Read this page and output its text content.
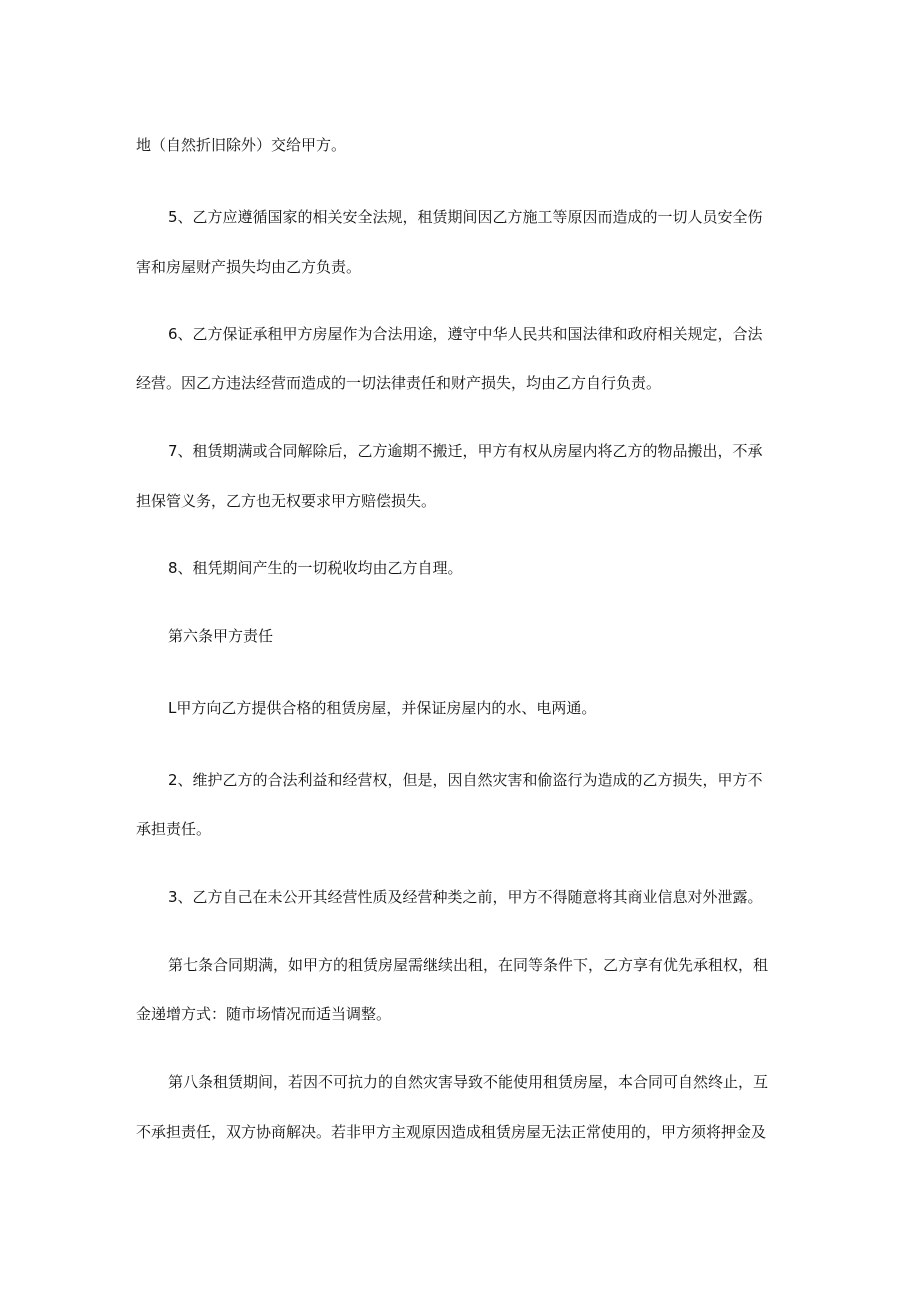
地（自然折旧除外）交给甲方。
5、乙方应遵循国家的相关安全法规，租赁期间因乙方施工等原因而造成的一切人员安全伤
害和房屋财产损失均由乙方负责。
6、乙方保证承租甲方房屋作为合法用途，遵守中华人民共和国法律和政府相关规定，合法
经营。因乙方违法经营而造成的一切法律责任和财产损失，均由乙方自行负责。
7、租赁期满或合同解除后，乙方逾期不搬迁，甲方有权从房屋内将乙方的物品搬出，不承
担保管义务，乙方也无权要求甲方赔偿损失。
8、租凭期间产生的一切税收均由乙方自理。
第六条甲方责任
L甲方向乙方提供合格的租赁房屋，并保证房屋内的水、电两通。
2、维护乙方的合法利益和经营权，但是，因自然灾害和偷盗行为造成的乙方损失，甲方不
承担责任。
3、乙方自己在未公开其经营性质及经营种类之前，甲方不得随意将其商业信息对外泄露。
第七条合同期满，如甲方的租赁房屋需继续出租，在同等条件下，乙方享有优先承租权，租
金递增方式：随市场情况而适当调整。
第八条租赁期间，若因不可抗力的自然灾害导致不能使用租赁房屋，本合同可自然终止，互
不承担责任，双方协商解决。若非甲方主观原因造成租赁房屋无法正常使用的，甲方须将押金及
